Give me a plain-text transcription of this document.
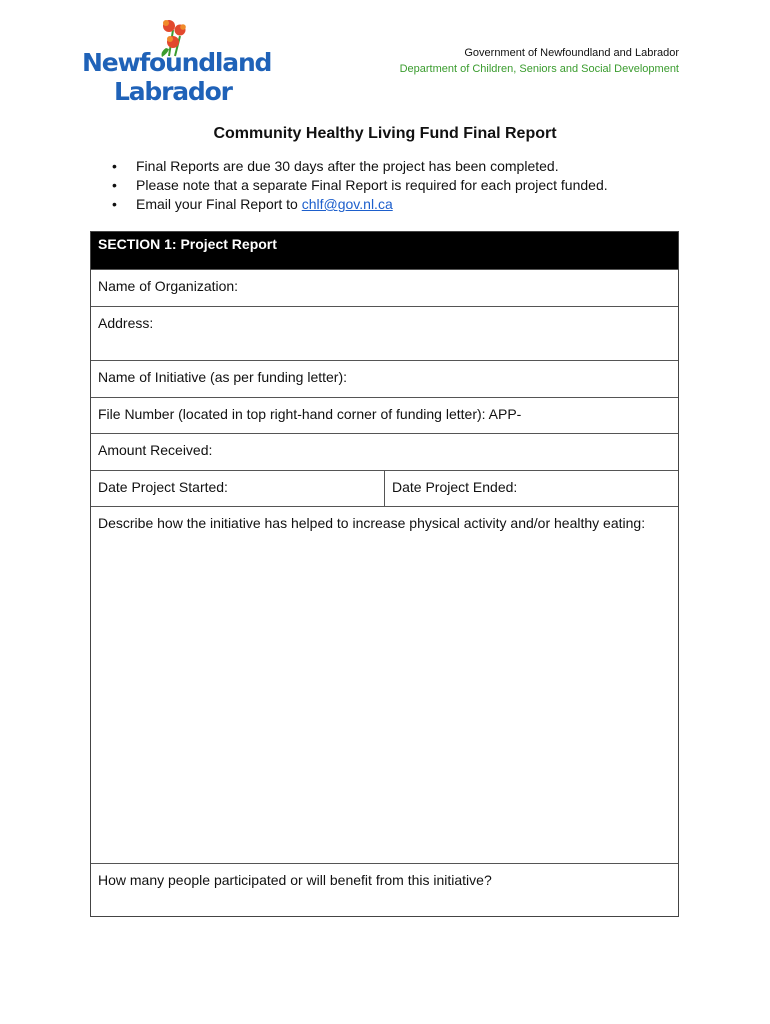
Newfoundland
Labrador
Government of Newfoundland and Labrador
Department of Children, Seniors and Social Development
Community Healthy Living Fund Final Report
• Final Reports are due 30 days after the project has been completed.
• Please note that a separate Final Report is required for each project funded.
• Email your Final Report to chlf@gov.nl.ca
SECTION 1: Project Report
Name of Organization:
Address:
Name of Initiative (as per funding letter):
File Number (located in top right-hand corner of funding letter): APP-
Amount Received:
Date Project Started:	Date Project Ended:
Describe how the initiative has helped to increase physical activity and/or healthy eating:
How many people participated or will benefit from this initiative?
